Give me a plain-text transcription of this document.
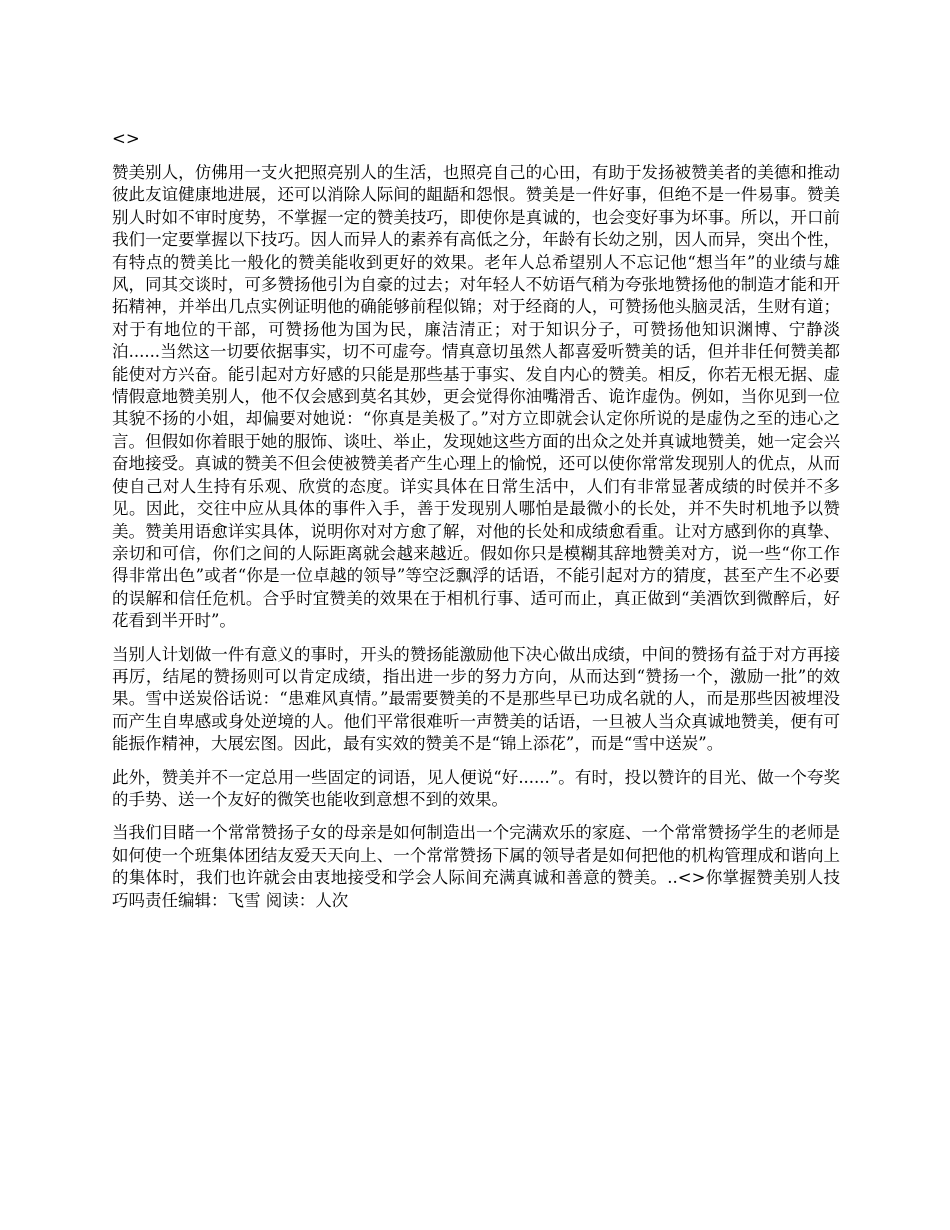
<>

赞美别人，仿佛用一支火把照亮别人的生活，也照亮自己的心田，有助于发扬被赞美者的美德和推动彼此友谊健康地进展，还可以消除人际间的龃龉和怨恨。赞美是一件好事，但绝不是一件易事。赞美别人时如不审时度势，不掌握一定的赞美技巧，即使你是真诚的，也会变好事为坏事。所以，开口前我们一定要掌握以下技巧。因人而异人的素养有高低之分，年龄有长幼之别，因人而异，突出个性，有特点的赞美比一般化的赞美能收到更好的效果。老年人总希望别人不忘记他“想当年”的业绩与雄风，同其交谈时，可多赞扬他引为自豪的过去；对年轻人不妨语气稍为夸张地赞扬他的制造才能和开拓精神，并举出几点实例证明他的确能够前程似锦；对于经商的人，可赞扬他头脑灵活，生财有道；对于有地位的干部，可赞扬他为国为民，廉洁清正；对于知识分子，可赞扬他知识渊博、宁静淡泊......当然这一切要依据事实，切不可虚夸。情真意切虽然人都喜爱听赞美的话，但并非任何赞美都能使对方兴奋。能引起对方好感的只能是那些基于事实、发自内心的赞美。相反，你若无根无据、虚情假意地赞美别人，他不仅会感到莫名其妙，更会觉得你油嘴滑舌、诡诈虚伪。例如，当你见到一位其貌不扬的小姐，却偏要对她说：“你真是美极了。”对方立即就会认定你所说的是虚伪之至的违心之言。但假如你着眼于她的服饰、谈吐、举止，发现她这些方面的出众之处并真诚地赞美，她一定会兴奋地接受。真诚的赞美不但会使被赞美者产生心理上的愉悦，还可以使你常常发现别人的优点，从而使自己对人生持有乐观、欣赏的态度。详实具体在日常生活中，人们有非常显著成绩的时侯并不多见。因此，交往中应从具体的事件入手，善于发现别人哪怕是最微小的长处，并不失时机地予以赞美。赞美用语愈详实具体，说明你对对方愈了解，对他的长处和成绩愈看重。让对方感到你的真挚、亲切和可信，你们之间的人际距离就会越来越近。假如你只是模糊其辞地赞美对方，说一些“你工作得非常出色”或者“你是一位卓越的领导”等空泛飘浮的话语，不能引起对方的猜度，甚至产生不必要的误解和信任危机。合乎时宜赞美的效果在于相机行事、适可而止，真正做到“美酒饮到微醉后，好花看到半开时”。

当别人计划做一件有意义的事时，开头的赞扬能激励他下决心做出成绩，中间的赞扬有益于对方再接再厉，结尾的赞扬则可以肯定成绩，指出进一步的努力方向，从而达到“赞扬一个，激励一批”的效果。雪中送炭俗话说：“患难风真情。”最需要赞美的不是那些早已功成名就的人，而是那些因被埋没而产生自卑感或身处逆境的人。他们平常很难听一声赞美的话语，一旦被人当众真诚地赞美，便有可能振作精神，大展宏图。因此，最有实效的赞美不是“锦上添花”，而是“雪中送炭”。

此外，赞美并不一定总用一些固定的词语，见人便说“好......”。有时，投以赞许的目光、做一个夸奖的手势、送一个友好的微笑也能收到意想不到的效果。

当我们目睹一个常常赞扬子女的母亲是如何制造出一个完满欢乐的家庭、一个常常赞扬学生的老师是如何使一个班集体团结友爱天天向上、一个常常赞扬下属的领导者是如何把他的机构管理成和谐向上的集体时，我们也许就会由衷地接受和学会人际间充满真诚和善意的赞美。..<>你掌握赞美别人技巧吗责任编辑：飞雪 阅读：人次
